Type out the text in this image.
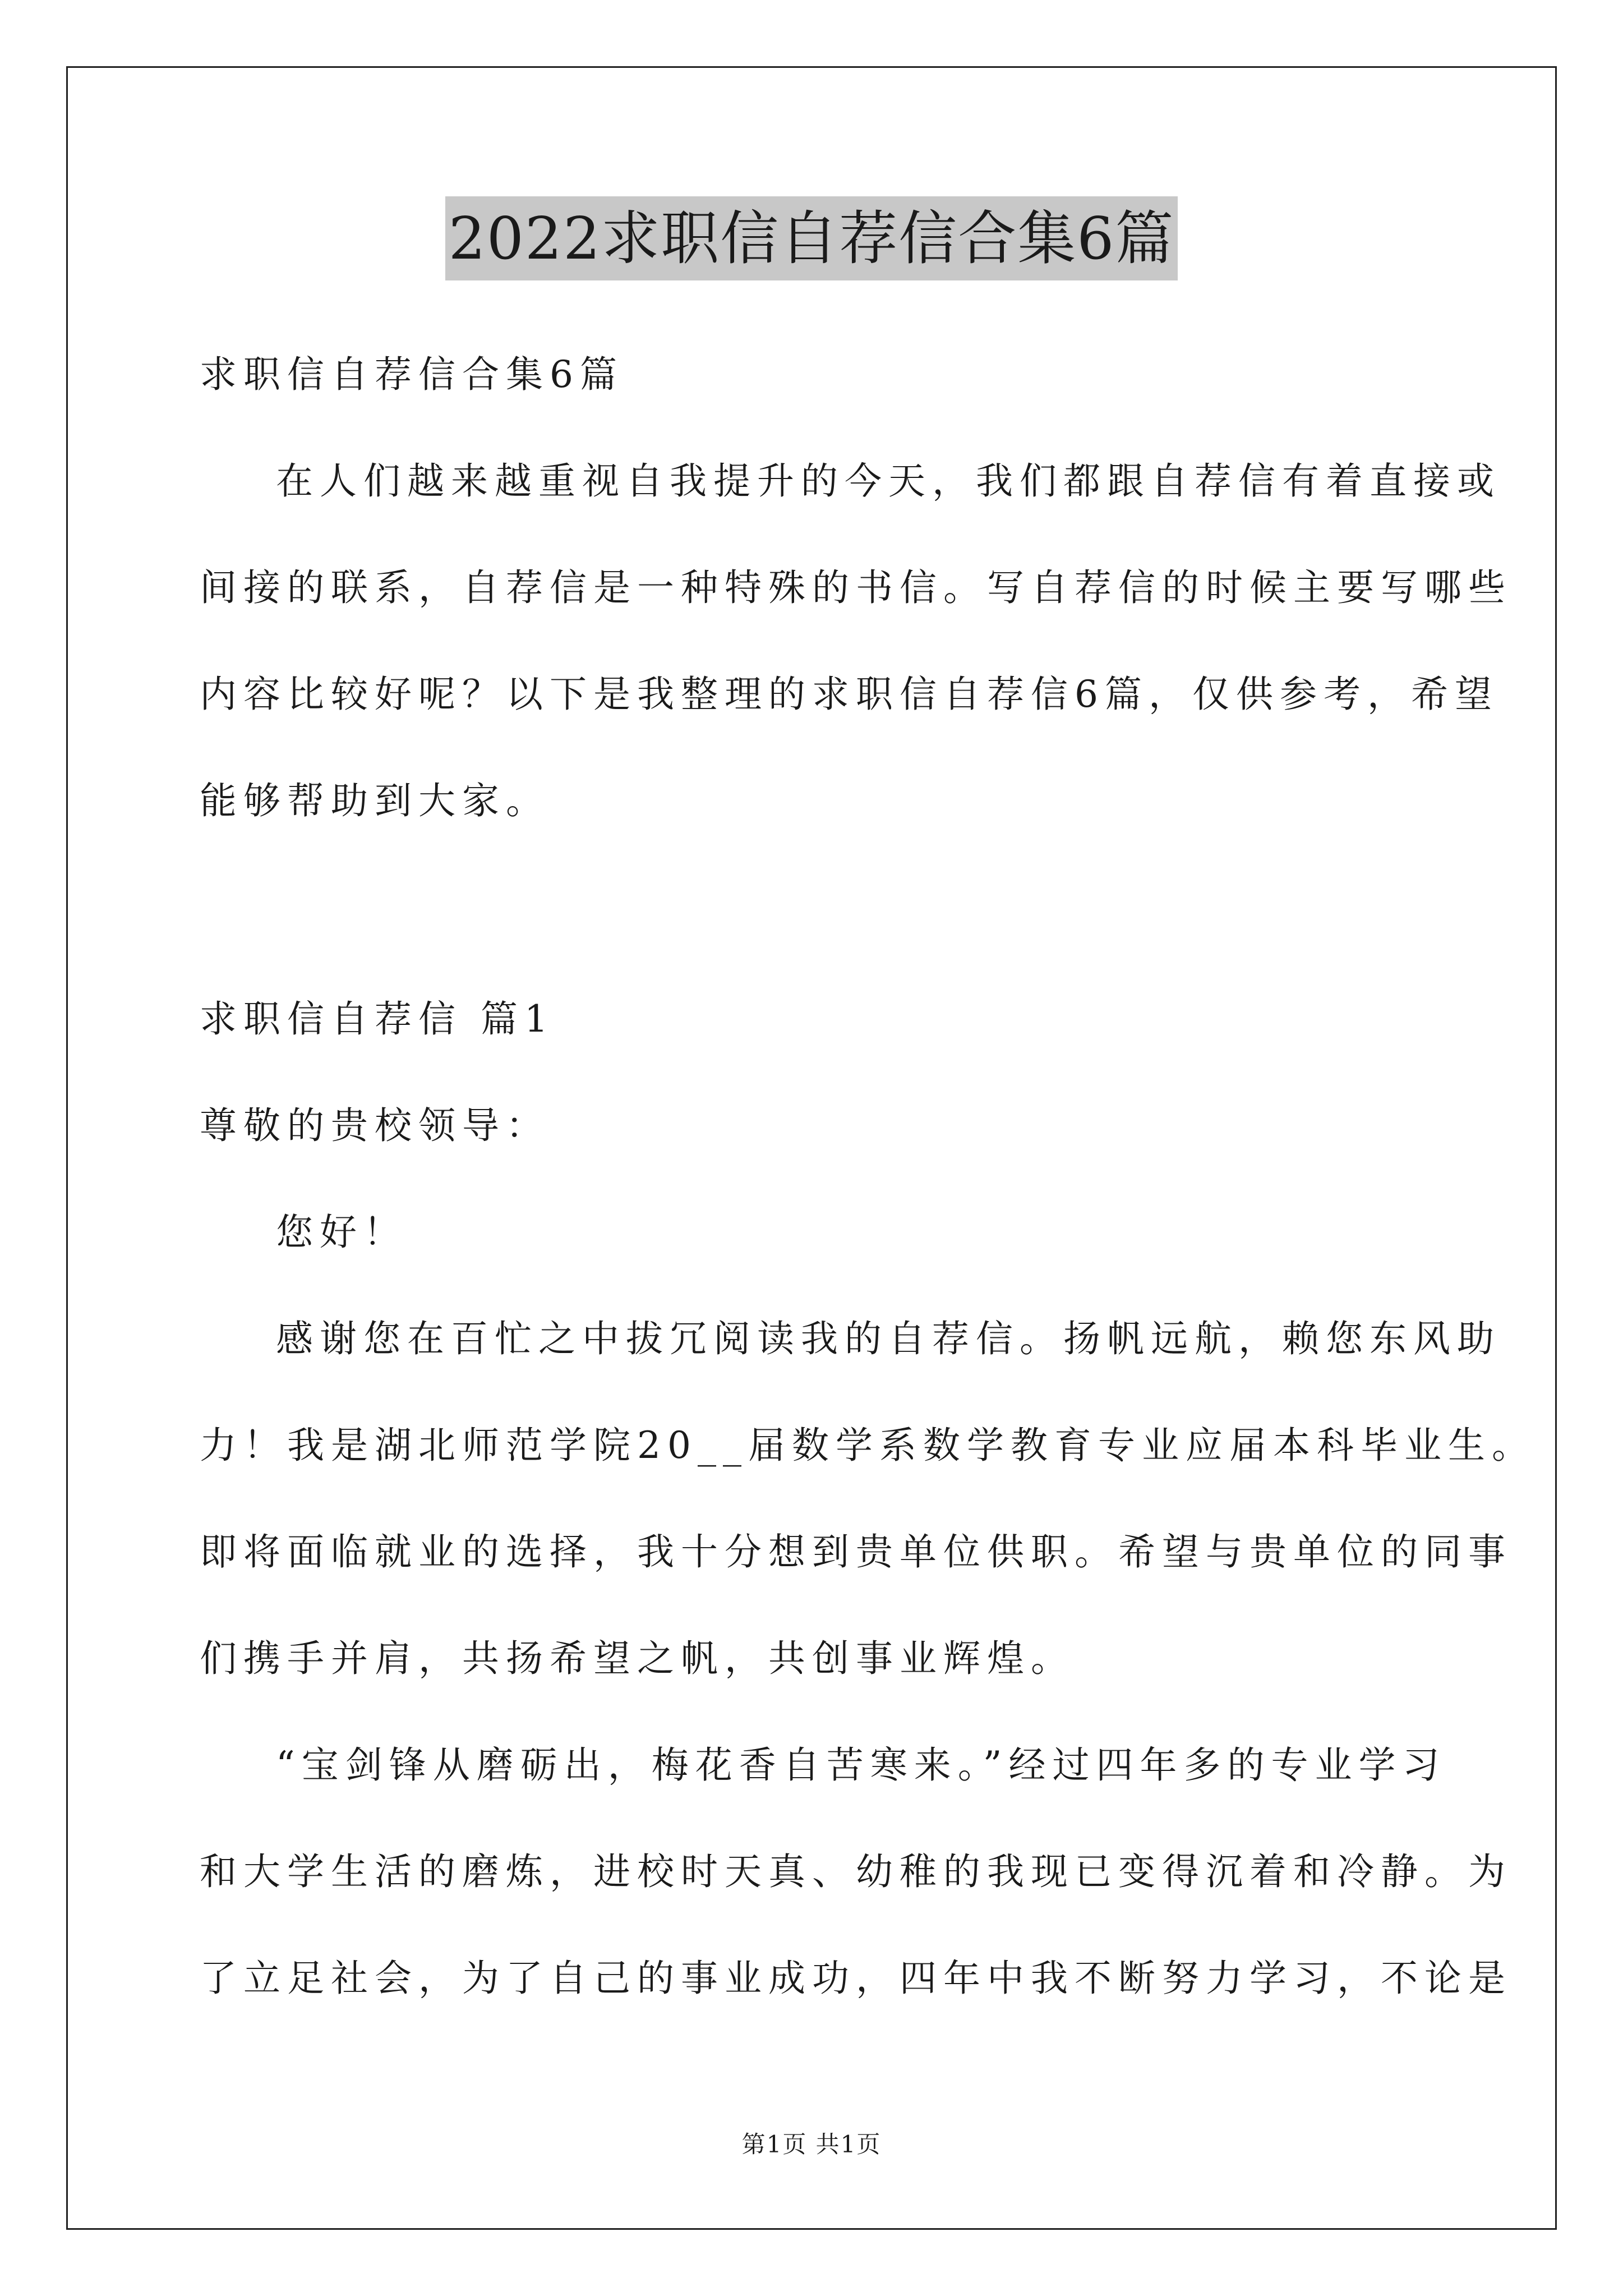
2022求职信自荐信合集6篇
求职信自荐信合集6篇
在人们越来越重视自我提升的今天，我们都跟自荐信有着直接或
间接的联系，自荐信是一种特殊的书信。写自荐信的时候主要写哪些
内容比较好呢？以下是我整理的求职信自荐信6篇，仅供参考，希望
能够帮助到大家。
求职信自荐信 篇1
尊敬的贵校领导：
您好！
感谢您在百忙之中拔冗阅读我的自荐信。扬帆远航，赖您东风助
力！我是湖北师范学院20__届数学系数学教育专业应届本科毕业生。
即将面临就业的选择，我十分想到贵单位供职。希望与贵单位的同事
们携手并肩，共扬希望之帆，共创事业辉煌。
“宝剑锋从磨砺出，梅花香自苦寒来。”经过四年多的专业学习
和大学生活的磨炼，进校时天真、幼稚的我现已变得沉着和冷静。为
了立足社会，为了自己的事业成功，四年中我不断努力学习，不论是
第1页 共1页
